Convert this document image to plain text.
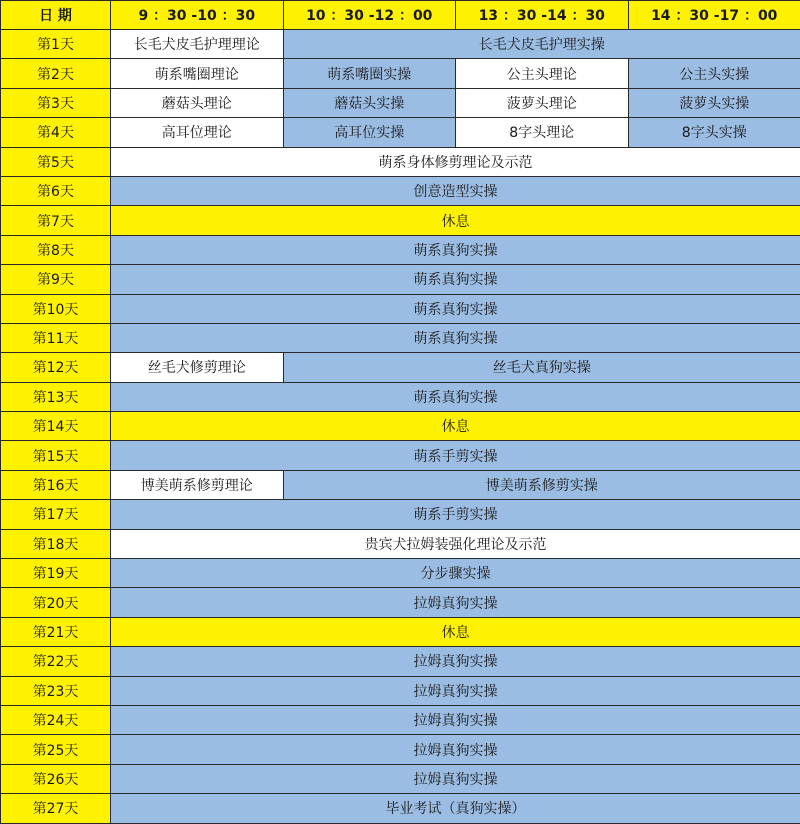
日 期	9 ：30 -10 ：30	10 ：30 -12 ：00	13 ：30 -14 ：30	14 ：30 -17 ：00
第1天	长毛犬皮毛护理理论	长毛犬皮毛护理实操		
第2天	萌系嘴圈理论	萌系嘴圈实操	公主头理论	公主头实操
第3天	蘑菇头理论	蘑菇头实操	菠萝头理论	菠萝头实操
第4天	高耳位理论	高耳位实操	8字头理论	8字头实操
第5天	萌系身体修剪理论及示范			
第6天	创意造型实操			
第7天	休息			
第8天	萌系真狗实操			
第9天	萌系真狗实操			
第10天	萌系真狗实操			
第11天	萌系真狗实操			
第12天	丝毛犬修剪理论	丝毛犬真狗实操		
第13天	萌系真狗实操			
第14天	休息			
第15天	萌系手剪实操			
第16天	博美萌系修剪理论	博美萌系修剪实操		
第17天	萌系手剪实操			
第18天	贵宾犬拉姆装强化理论及示范			
第19天	分步骤实操			
第20天	拉姆真狗实操			
第21天	休息			
第22天	拉姆真狗实操			
第23天	拉姆真狗实操			
第24天	拉姆真狗实操			
第25天	拉姆真狗实操			
第26天	拉姆真狗实操			
第27天	毕业考试（真狗实操）			
